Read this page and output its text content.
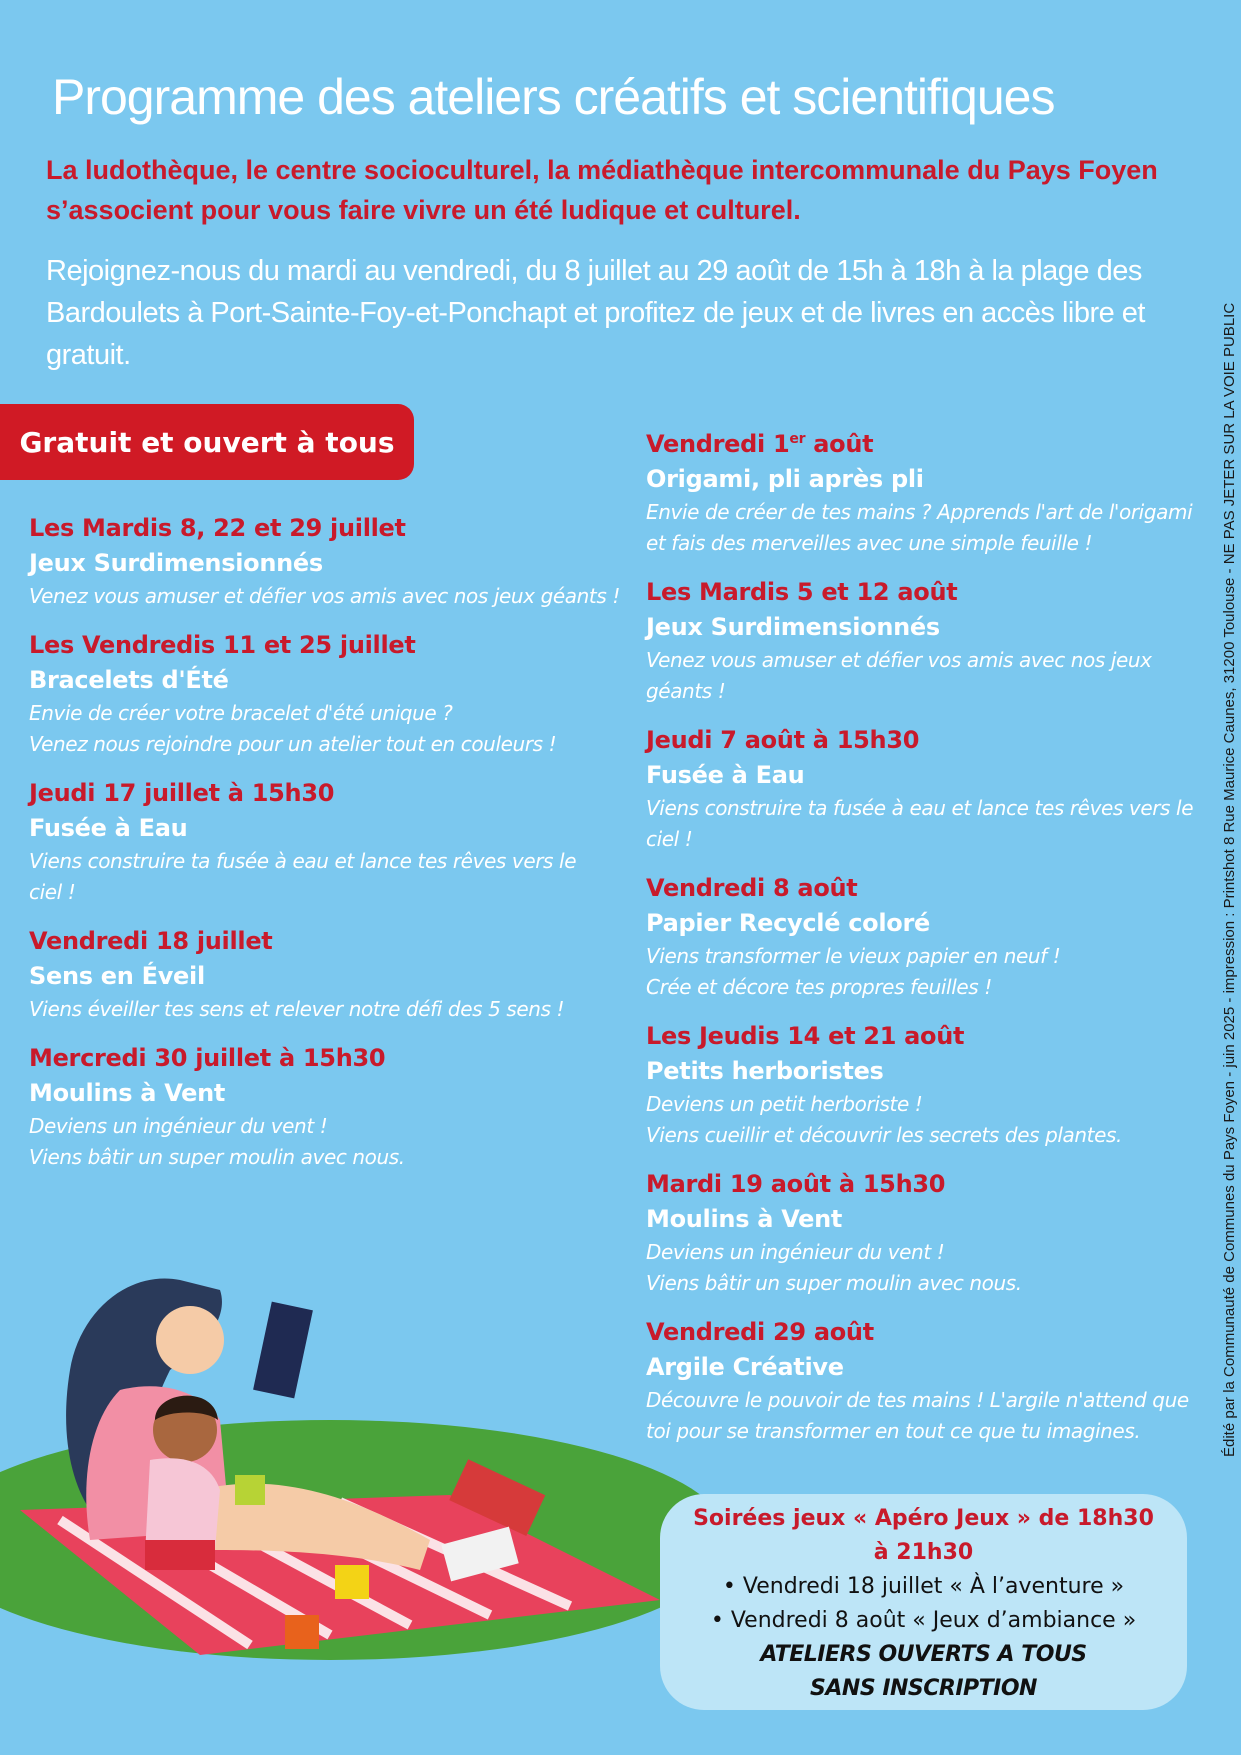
Programme des ateliers créatifs et scientifiques
La ludothèque, le centre socioculturel, la médiathèque intercommunale du Pays Foyen s’associent pour vous faire vivre un été ludique et culturel.
Rejoignez-nous du mardi au vendredi, du 8 juillet au 29 août de 15h à 18h à la plage des Bardoulets à Port-Sainte-Foy-et-Ponchapt et profitez de jeux et de livres en accès libre et gratuit.
Gratuit et ouvert à tous
Les Mardis 8, 22 et 29 juillet
Jeux Surdimensionnés
Venez vous amuser et défier vos amis avec nos jeux géants !
Les Vendredis 11 et 25 juillet
Bracelets d'Été
Envie de créer votre bracelet d'été unique ?
Venez nous rejoindre pour un atelier tout en couleurs !
Jeudi 17 juillet à 15h30
Fusée à Eau
Viens construire ta fusée à eau et lance tes rêves vers le ciel !
Vendredi 18 juillet
Sens en Éveil
Viens éveiller tes sens et relever notre défi des 5 sens !
Mercredi 30 juillet à 15h30
Moulins à Vent
Deviens un ingénieur du vent !
Viens bâtir un super moulin avec nous.
Vendredi 1er août
Origami, pli après pli
Envie de créer de tes mains ? Apprends l'art de l'origami et fais des merveilles avec une simple feuille !
Les Mardis 5 et 12 août
Jeux Surdimensionnés
Venez vous amuser et défier vos amis avec nos jeux géants !
Jeudi 7 août à 15h30
Fusée à Eau
Viens construire ta fusée à eau et lance tes rêves vers le ciel !
Vendredi 8 août
Papier Recyclé coloré
Viens transformer le vieux papier en neuf !
Crée et décore tes propres feuilles !
Les Jeudis 14 et 21 août
Petits herboristes
Deviens un petit herboriste !
Viens cueillir et découvrir les secrets des plantes.
Mardi 19 août à 15h30
Moulins à Vent
Deviens un ingénieur du vent !
Viens bâtir un super moulin avec nous.
Vendredi 29 août
Argile Créative
Découvre le pouvoir de tes mains ! L'argile n'attend que toi pour se transformer en tout ce que tu imagines.
Soirées jeux « Apéro Jeux » de 18h30 à 21h30
• Vendredi 18 juillet « À l’aventure »
• Vendredi 8 août « Jeux d’ambiance »
ATELIERS OUVERTS A TOUS
SANS INSCRIPTION
Édité par la Communauté de Communes du Pays Foyen - juin 2025 - impression : Printshot 8 Rue Maurice Caunes, 31200 Toulouse - NE PAS JETER SUR LA VOIE PUBLIC
